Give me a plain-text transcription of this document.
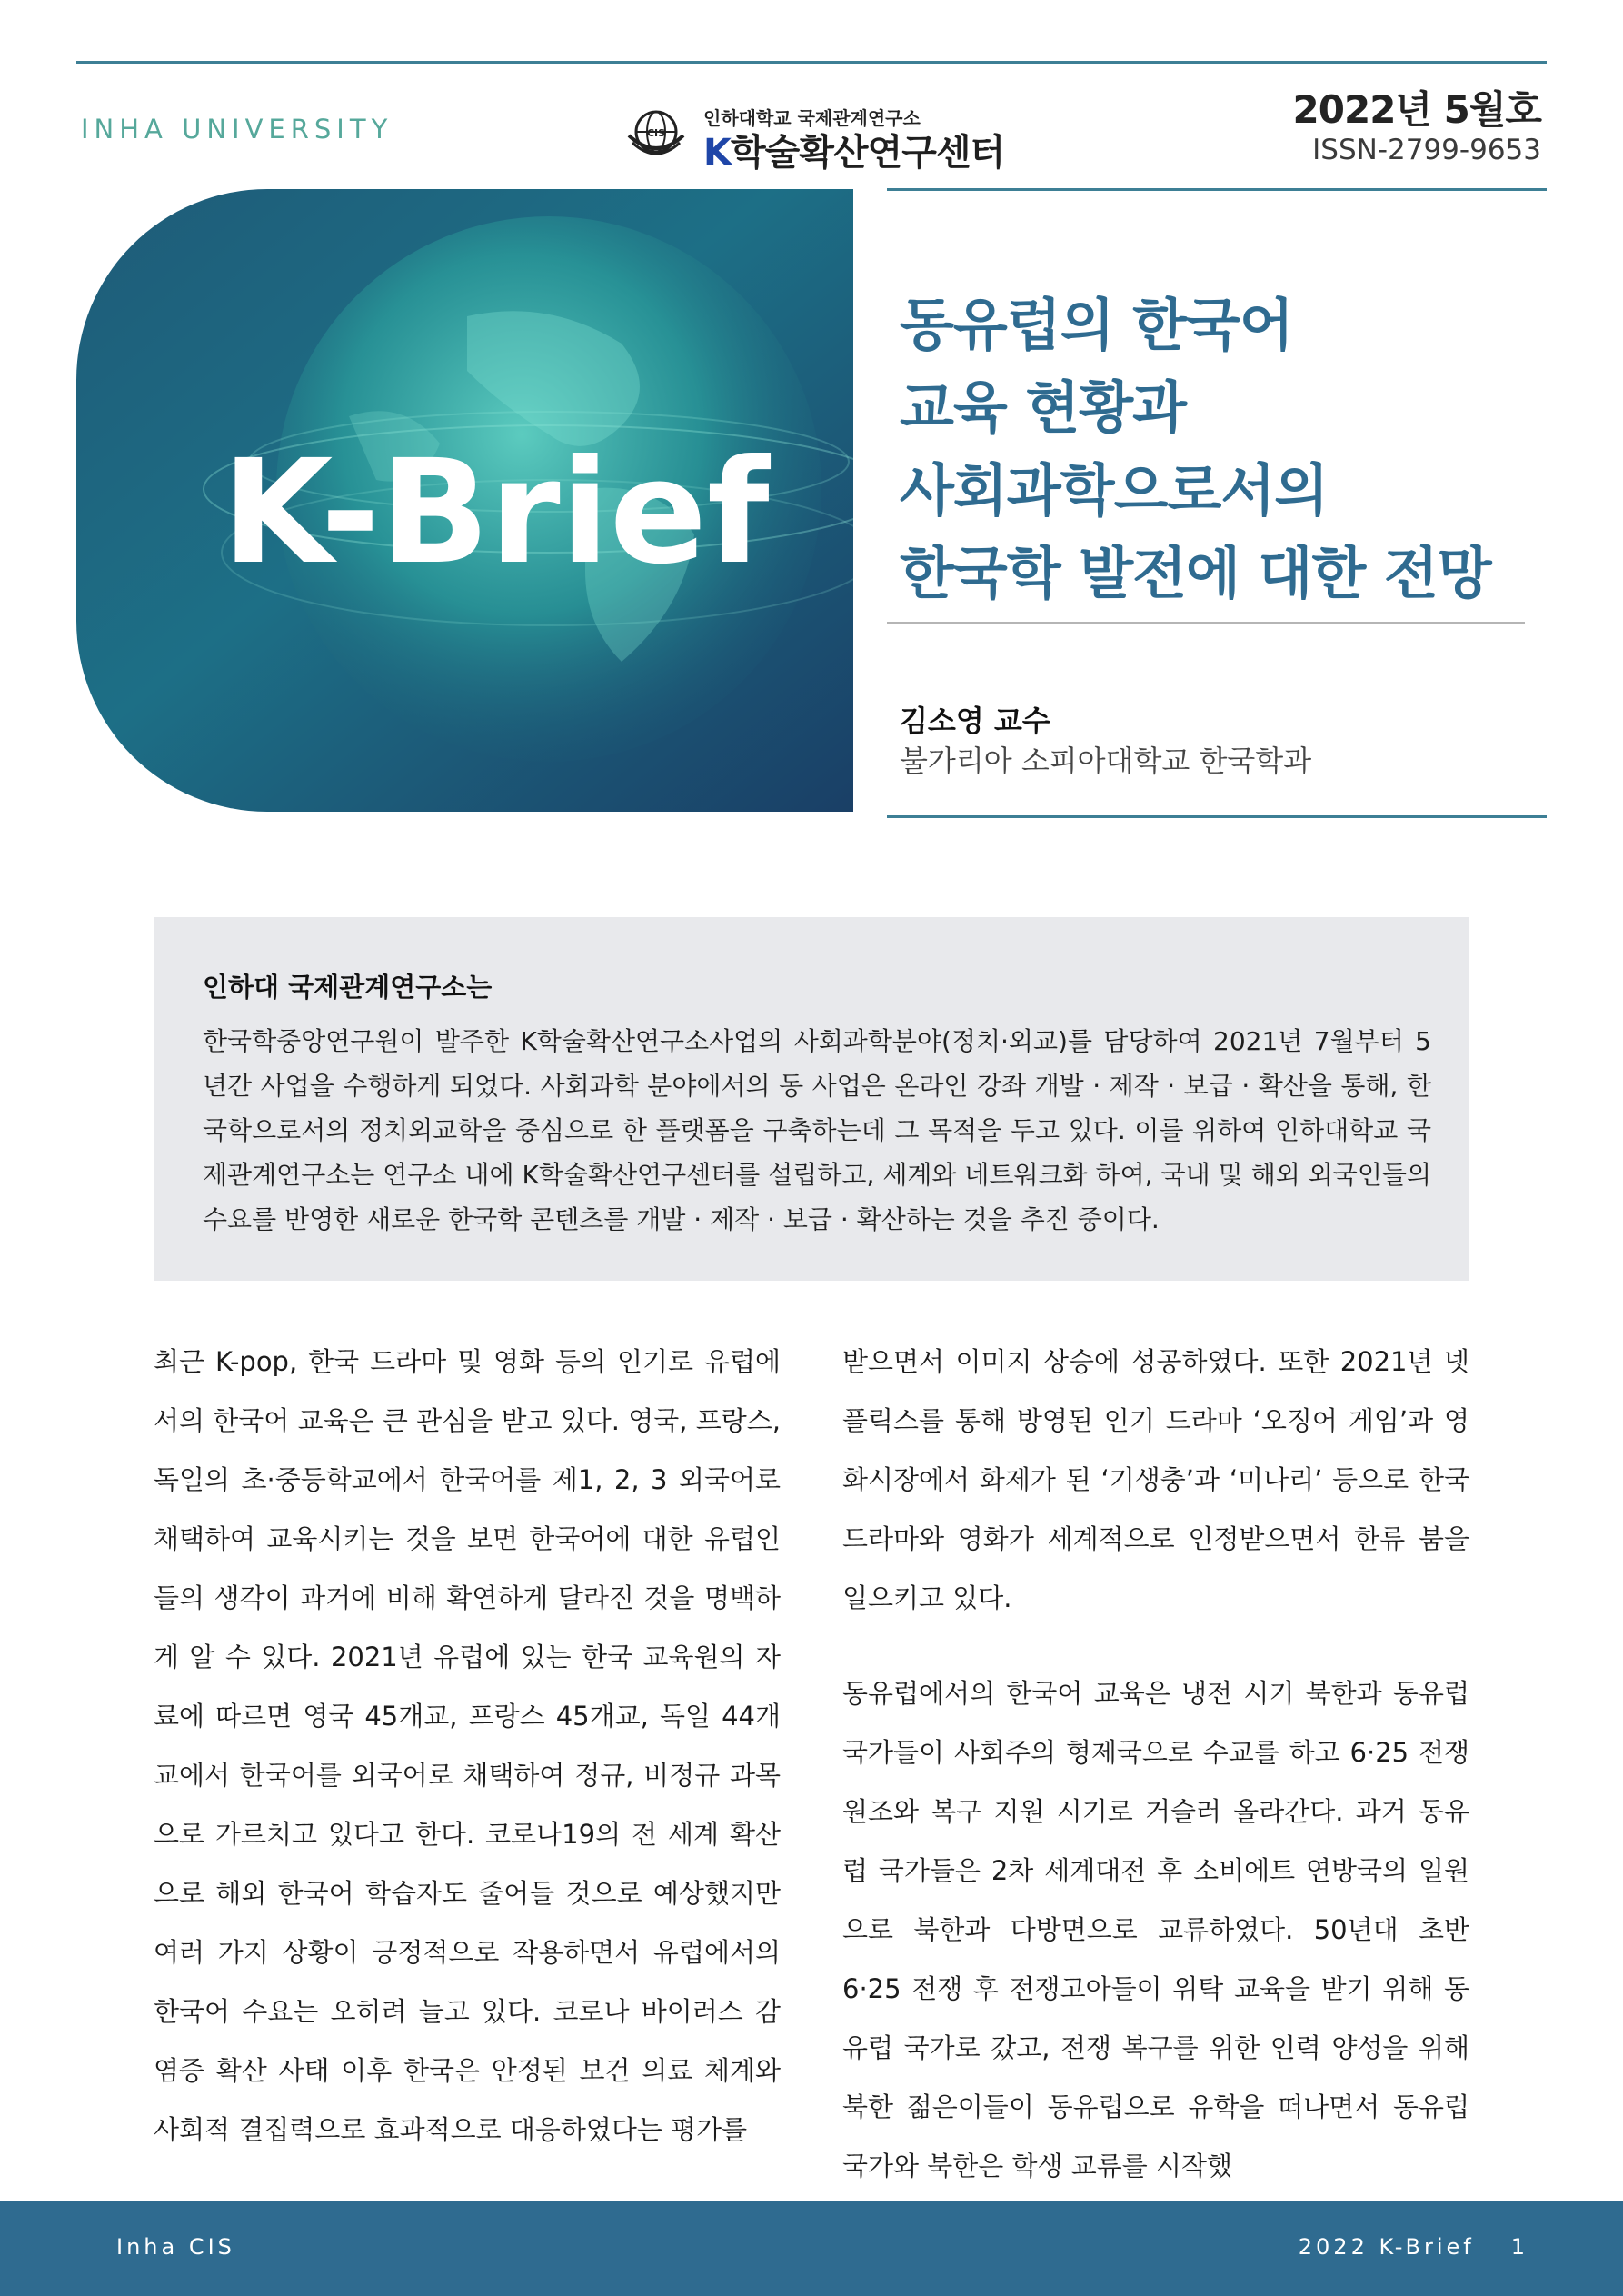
INHA UNIVERSITY	CIS
인하대학교 국제관계연구소
K학술확산연구센터
2022년 5월호
ISSN-2799-9653
K-Brief
동유럽의 한국어
교육 현황과
사회과학으로서의
한국학 발전에 대한 전망
김소영 교수
불가리아 소피아대학교 한국학과
인하대 국제관계연구소는
한국학중앙연구원이 발주한 K학술확산연구소사업의 사회과학분야(정치·외교)를 담당하여 2021년 7월부터 5년간 사업을 수행하게 되었다. 사회과학 분야에서의 동 사업은 온라인 강좌 개발 · 제작 · 보급 · 확산을 통해, 한국학으로서의 정치외교학을 중심으로 한 플랫폼을 구축하는데 그 목적을 두고 있다. 이를 위하여 인하대학교 국제관계연구소는 연구소 내에 K학술확산연구센터를 설립하고, 세계와 네트워크화 하여, 국내 및 해외 외국인들의 수요를 반영한 새로운 한국학 콘텐츠를 개발 · 제작 · 보급 · 확산하는 것을 추진 중이다.

최근 K-pop, 한국 드라마 및 영화 등의 인기로 유럽에서의 한국어 교육은 큰 관심을 받고 있다. 영국, 프랑스, 독일의 초·중등학교에서 한국어를 제1, 2, 3 외국어로 채택하여 교육시키는 것을 보면 한국어에 대한 유럽인들의 생각이 과거에 비해 확연하게 달라진 것을 명백하게 알 수 있다. 2021년 유럽에 있는 한국 교육원의 자료에 따르면 영국 45개교, 프랑스 45개교, 독일 44개교에서 한국어를 외국어로 채택하여 정규, 비정규 과목으로 가르치고 있다고 한다. 코로나19의 전 세계 확산으로 해외 한국어 학습자도 줄어들 것으로 예상했지만 여러 가지 상황이 긍정적으로 작용하면서 유럽에서의 한국어 수요는 오히려 늘고 있다. 코로나 바이러스 감염증 확산 사태 이후 한국은 안정된 보건 의료 체계와 사회적 결집력으로 효과적으로 대응하였다는 평가를

받으면서 이미지 상승에 성공하였다. 또한 2021년 넷플릭스를 통해 방영된 인기 드라마 ‘오징어 게임’과 영화시장에서 화제가 된 ‘기생충’과 ‘미나리’ 등으로 한국 드라마와 영화가 세계적으로 인정받으면서 한류 붐을 일으키고 있다.

동유럽에서의 한국어 교육은 냉전 시기 북한과 동유럽 국가들이 사회주의 형제국으로 수교를 하고 6·25 전쟁 원조와 복구 지원 시기로 거슬러 올라간다. 과거 동유럽 국가들은 2차 세계대전 후 소비에트 연방국의 일원으로 북한과 다방면으로 교류하였다. 50년대 초반 6·25 전쟁 후 전쟁고아들이 위탁 교육을 받기 위해 동유럽 국가로 갔고, 전쟁 복구를 위한 인력 양성을 위해 북한 젊은이들이 동유럽으로 유학을 떠나면서 동유럽 국가와 북한은 학생 교류를 시작했

Inha CIS	2022 K-Brief 1
